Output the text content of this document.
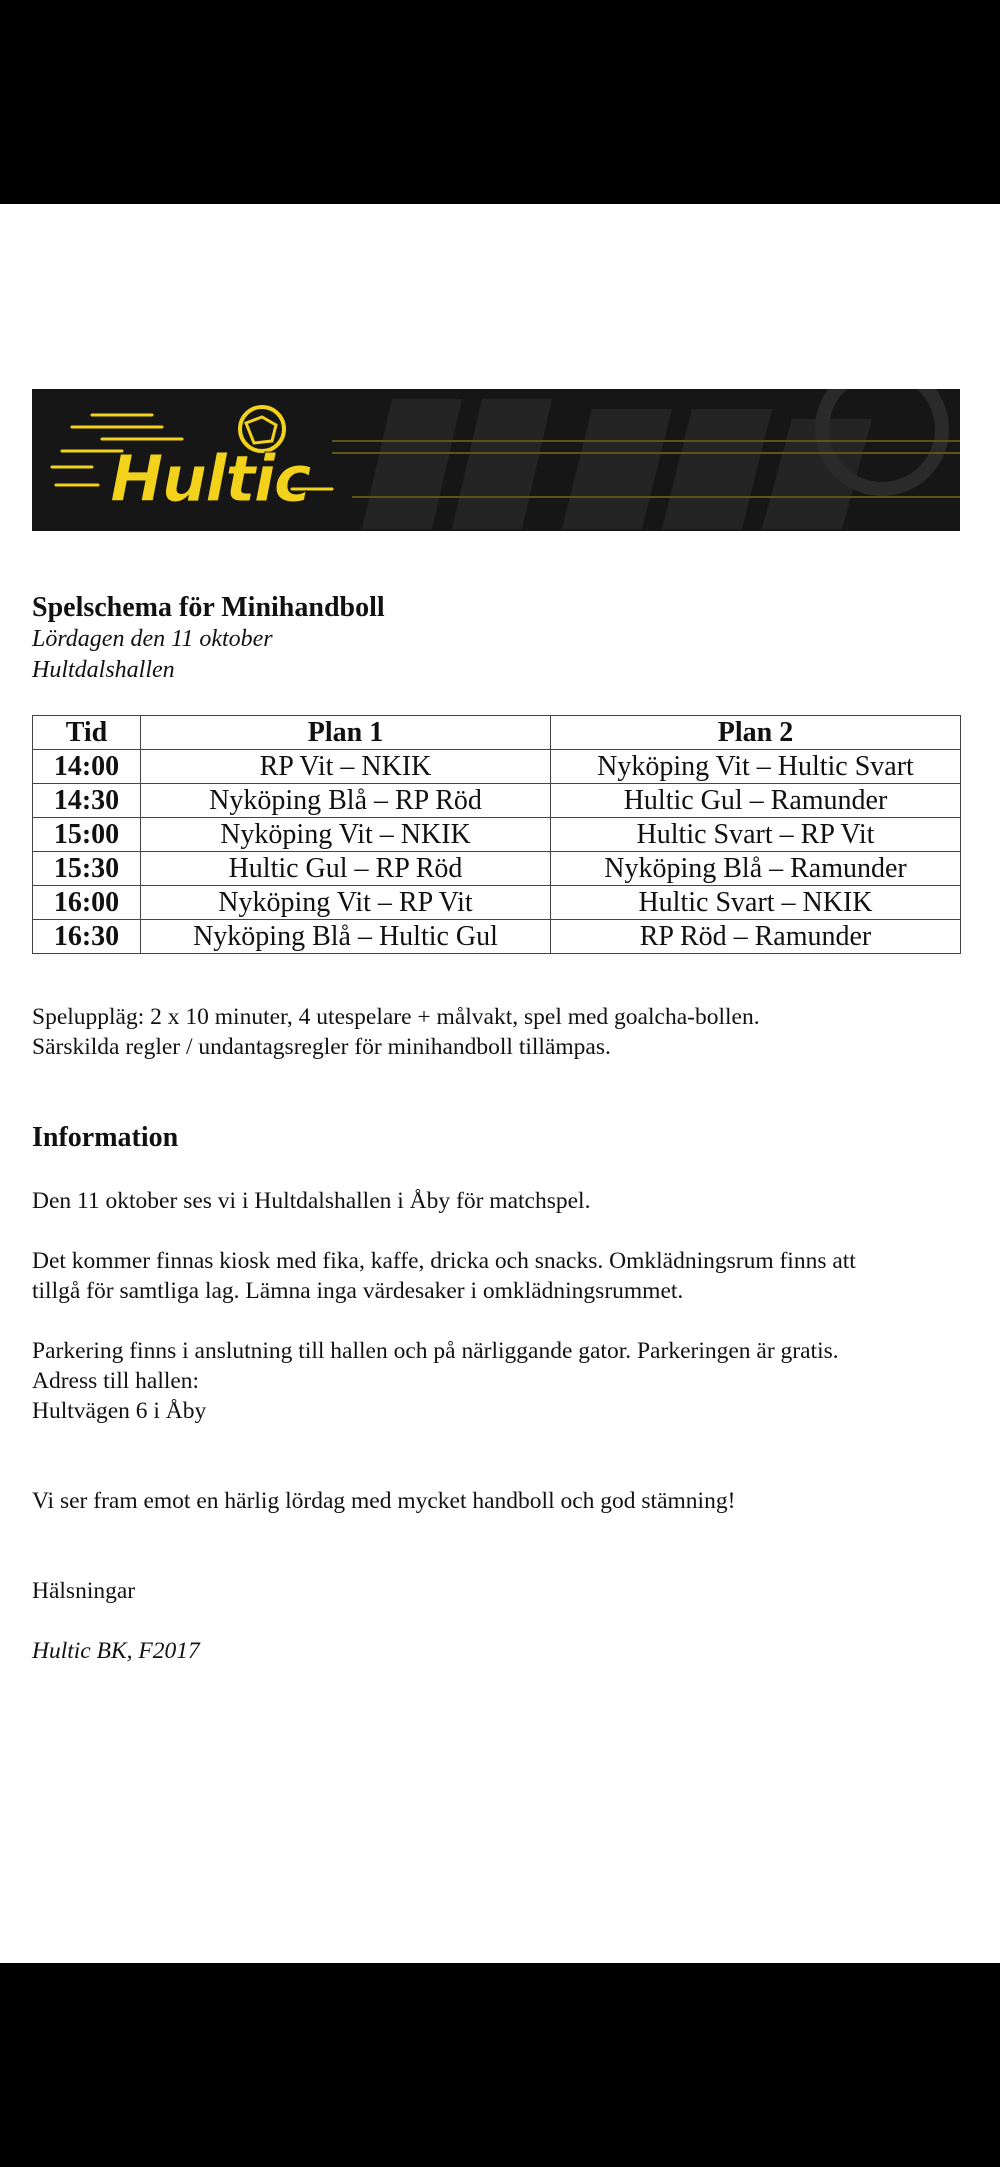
Hultic
Spelschema för Minihandboll
Lördagen den 11 oktober
Hultdalshallen
Tid	Plan 1	Plan 2
14:00	RP Vit – NKIK	Nyköping Vit – Hultic Svart
14:30	Nyköping Blå – RP Röd	Hultic Gul – Ramunder
15:00	Nyköping Vit – NKIK	Hultic Svart – RP Vit
15:30	Hultic Gul – RP Röd	Nyköping Blå – Ramunder
16:00	Nyköping Vit – RP Vit	Hultic Svart – NKIK
16:30	Nyköping Blå – Hultic Gul	RP Röd – Ramunder
Speluppläg: 2 x 10 minuter, 4 utespelare + målvakt, spel med goalcha-bollen.
Särskilda regler / undantagsregler för minihandboll tillämpas.
Information
Den 11 oktober ses vi i Hultdalshallen i Åby för matchspel.
Det kommer finnas kiosk med fika, kaffe, dricka och snacks. Omklädningsrum finns att
tillgå för samtliga lag. Lämna inga värdesaker i omklädningsrummet.
Parkering finns i anslutning till hallen och på närliggande gator. Parkeringen är gratis.
Adress till hallen:
Hultvägen 6 i Åby
Vi ser fram emot en härlig lördag med mycket handboll och god stämning!
Hälsningar
Hultic BK, F2017
